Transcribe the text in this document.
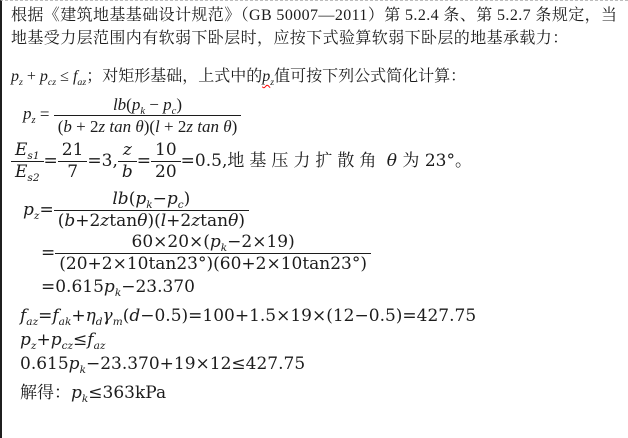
根据《建筑地基基础设计规范》（GB 50007—2011）第 5.2.4 条、第 5.2.7 条规定，当
地基受力层范围内有软弱下卧层时，应按下式验算软弱下卧层的地基承载力：
$p_z + p_{cz} \le f_{az}$；对矩形基础，上式中的$p_z$值可按下列公式简化计算：
$p_z = \frac{lb(p_k - p_c)}{\text{(b + 2z tan θ)(l + 2z tan θ)}}$
$\frac{E_{s1}}{E_{s2}} = \frac{21}{7} =3$, $\frac{z}{b} = \frac{10}{20} =0.5$,地基压力扩散角 θ 为 23°。
$p_z= \frac{lb(p_k-p_c)}{(b+2ztan\theta)(l+2ztan\theta)}$
= $\frac{60\times 20\times(p_k-2\times 19)}{(20+2\times 10\tan 23^\circ)(60+2\times 10\tan 23^\circ)}$
$=0.615p_k-23.370$
$f_{az}=f_{ak}+\eta_d\gamma_m(d-0.5)=100+1.5\times 19\times(12-0.5)=427.75$
$p_z+p_{cz}\le f_{az}$
$0.615p_k-23.370+19\times 12\le 427.75$
解得：$p_k\le 363kPa$
